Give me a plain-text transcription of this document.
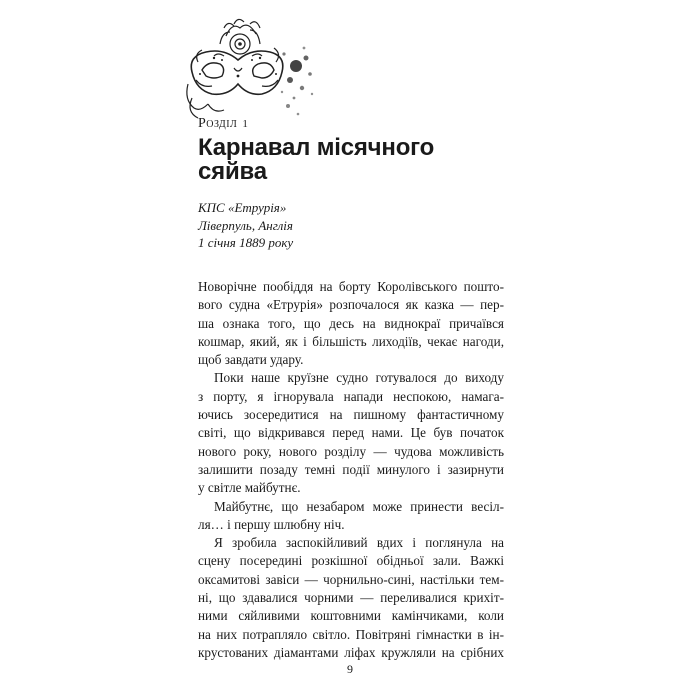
Розділ 1
Карнавал місячного
сяйва
КПС «Етрурія»
Ліверпуль, Англія
1 січня 1889 року

Новорічне пообіддя на борту Королівського пошто-
вого судна «Етрурія» розпочалося як казка — пер-
ша ознака того, що десь на виднокраї причаївся
кошмар, який, як і більшість лиходіїв, чекає нагоди,
щоб завдати удару.

Поки наше круїзне судно готувалося до виходу
з порту, я ігнорувала напади неспокою, намага-
ючись зосередитися на пишному фантастичному
світі, що відкривався перед нами. Це був початок
нового року, нового розділу — чудова можливість
залишити позаду темні події минулого і зазирнути
у світле майбутнє.

Майбутнє, що незабаром може принести весіл-
ля… і першу шлюбну ніч.

Я зробила заспокійливий вдих і поглянула на
сцену посередині розкішної обідньої зали. Важкі
оксамитові завіси — чорнильно-сині, настільки тем-
ні, що здавалися чорними — переливалися крихіт-
ними сяйливими коштовними камінчиками, коли
на них потрапляло світло. Повітряні гімнастки в ін-
крустованих діамантами ліфах кружляли на срібних

9
